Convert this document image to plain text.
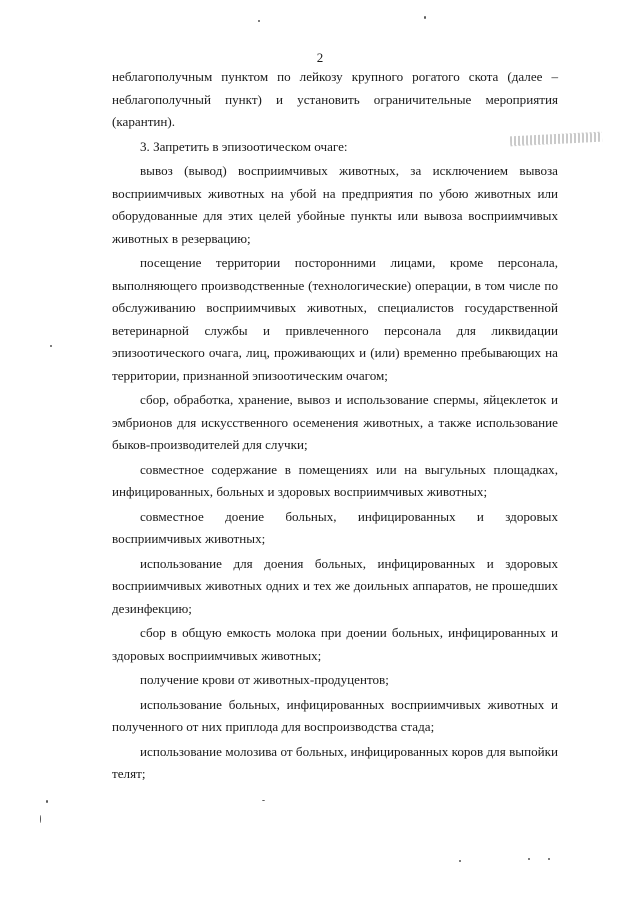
2

неблагополучным пунктом по лейкозу крупного рогатого скота (далее – неблагополучный пункт) и установить ограничительные мероприятия (карантин).

3. Запретить в эпизоотическом очаге:

вывоз (вывод) восприимчивых животных, за исключением вывоза восприимчивых животных на убой на предприятия по убою животных или оборудованные для этих целей убойные пункты или вывоза восприимчивых животных в резервацию;

посещение территории посторонними лицами, кроме персонала, выполняющего производственные (технологические) операции, в том числе по обслуживанию восприимчивых животных, специалистов государственной ветеринарной службы и привлеченного персонала для ликвидации эпизоотического очага, лиц, проживающих и (или) временно пребывающих на территории, признанной эпизоотическим очагом;

сбор, обработка, хранение, вывоз и использование спермы, яйцеклеток и эмбрионов для искусственного осеменения животных, а также использование быков-производителей для случки;

совместное содержание в помещениях или на выгульных площадках, инфицированных, больных и здоровых восприимчивых животных;

совместное доение больных, инфицированных и здоровых восприимчивых животных;

использование для доения больных, инфицированных и здоровых восприимчивых животных одних и тех же доильных аппаратов, не прошедших дезинфекцию;

сбор в общую емкость молока при доении больных, инфицированных и здоровых восприимчивых животных;

получение крови от животных-продуцентов;

использование больных, инфицированных восприимчивых животных и полученного от них приплода для воспроизводства стада;

использование молозива от больных, инфицированных коров для выпойки телят;
